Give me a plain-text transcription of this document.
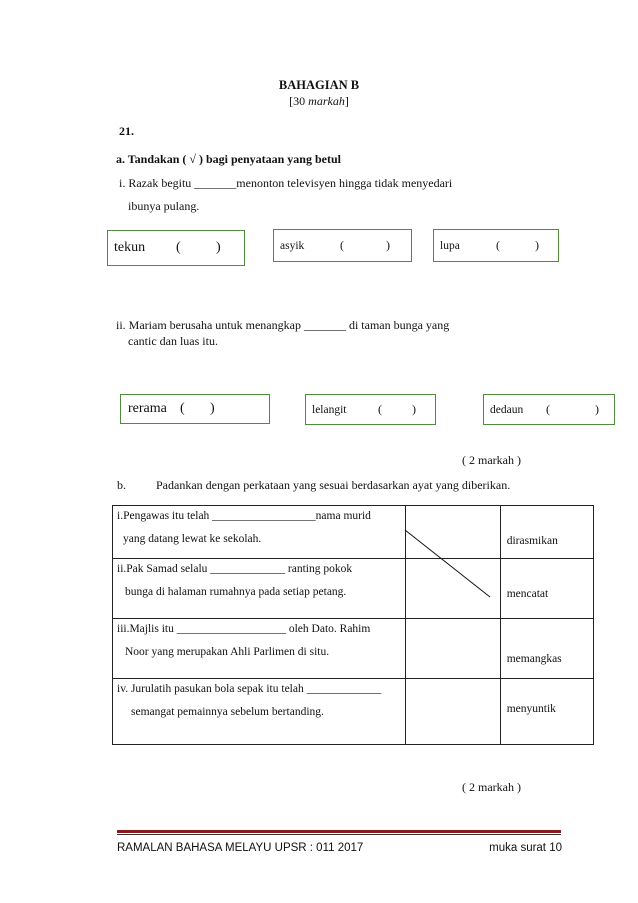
BAHAGIAN B
[30 markah]
21.
a. Tandakan ( √ ) bagi penyataan yang betul
i. Razak begitu _______menonton televisyen hingga tidak menyedari
ibunya pulang.
tekun (	)	asyik	(	)	lupa	(	)
ii. Mariam berusaha untuk menangkap _______ di taman bunga yang
cantic dan luas itu.
rerama ( )	lelangit	(	)	dedaun (	)
( 2 markah )
b.	Padankan dengan perkataan yang sesuai berdasarkan ayat yang diberikan.
i.Pengawas itu telah __________________nama murid
yang datang lewat ke sekolah.		dirasmikan

ii.Pak Samad selalu _____________ ranting pokok
bunga di halaman rumahnya pada setiap petang.		mencatat

iii.Majlis itu ___________________ oleh Dato. Rahim
Noor yang merupakan Ahli Parlimen di situ.		memangkas

iv. Jurulatih pasukan bola sepak itu telah _____________
semangat pemainnya sebelum bertanding.		menyuntik
( 2 markah )
RAMALAN BAHASA MELAYU UPSR : 011 2017	muka surat 10
